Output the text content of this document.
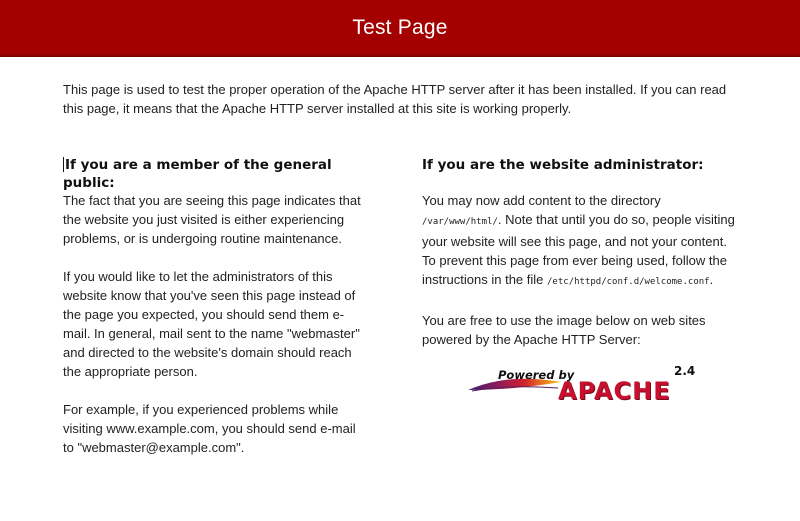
Test Page

This page is used to test the proper operation of the Apache HTTP server after it has been installed. If you can read this page, it means that the Apache HTTP server installed at this site is working properly.

If you are a member of the general public:

The fact that you are seeing this page indicates that the website you just visited is either experiencing problems, or is undergoing routine maintenance.

If you would like to let the administrators of this website know that you've seen this page instead of the page you expected, you should send them e-mail. In general, mail sent to the name "webmaster" and directed to the website's domain should reach the appropriate person.

For example, if you experienced problems while visiting www.example.com, you should send e-mail to "webmaster@example.com".

If you are the website administrator:

You may now add content to the directory /var/www/html/. Note that until you do so, people visiting your website will see this page, and not your content. To prevent this page from ever being used, follow the instructions in the file /etc/httpd/conf.d/welcome.conf.

You are free to use the image below on web sites powered by the Apache HTTP Server:

Powered by	2.4
APACHE
